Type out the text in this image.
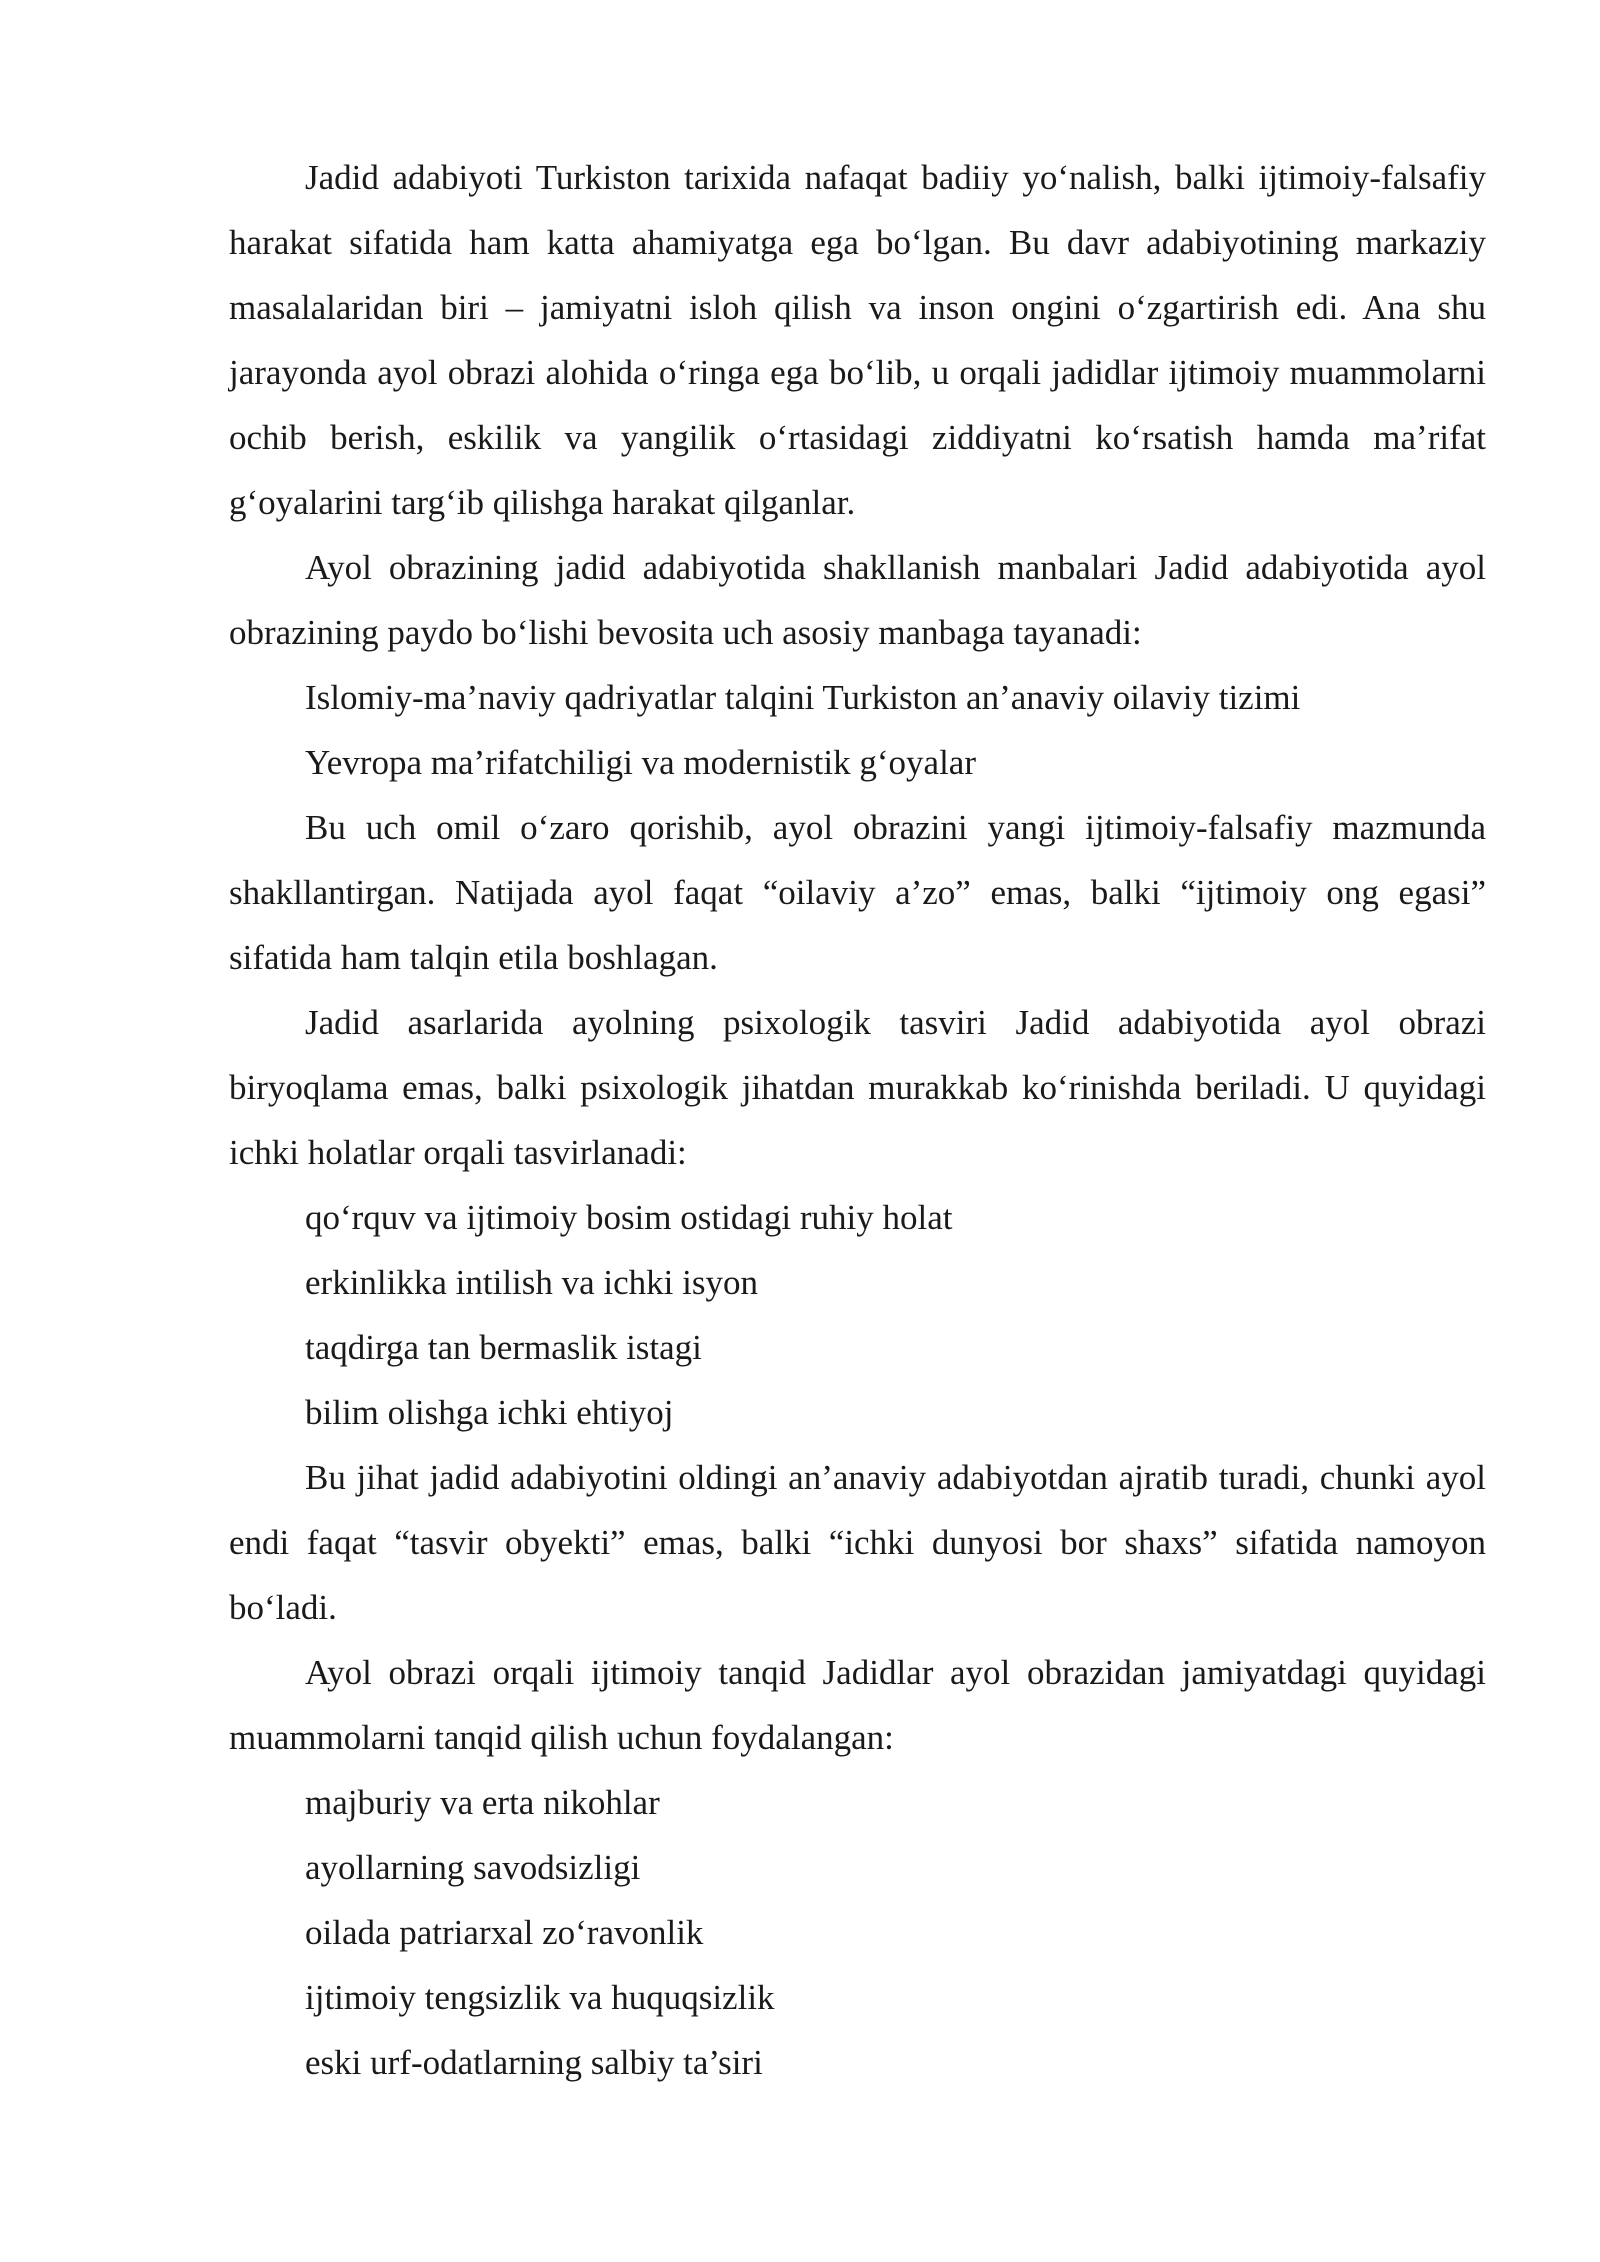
Jadid adabiyoti Turkiston tarixida nafaqat badiiy yo‘nalish, balki ijtimoiy-falsafiy harakat sifatida ham katta ahamiyatga ega bo‘lgan. Bu davr adabiyotining markaziy masalalaridan biri – jamiyatni isloh qilish va inson ongini o‘zgartirish edi. Ana shu jarayonda ayol obrazi alohida o‘ringa ega bo‘lib, u orqali jadidlar ijtimoiy muammolarni ochib berish, eskilik va yangilik o‘rtasidagi ziddiyatni ko‘rsatish hamda ma’rifat g‘oyalarini targ‘ib qilishga harakat qilganlar.

Ayol obrazining jadid adabiyotida shakllanish manbalari Jadid adabiyotida ayol obrazining paydo bo‘lishi bevosita uch asosiy manbaga tayanadi:

Islomiy-ma’naviy qadriyatlar talqini Turkiston an’anaviy oilaviy tizimi

Yevropa ma’rifatchiligi va modernistik g‘oyalar

Bu uch omil o‘zaro qorishib, ayol obrazini yangi ijtimoiy-falsafiy mazmunda shakllantirgan. Natijada ayol faqat “oilaviy a’zo” emas, balki “ijtimoiy ong egasi” sifatida ham talqin etila boshlagan.

Jadid asarlarida ayolning psixologik tasviri Jadid adabiyotida ayol obrazi biryoqlama emas, balki psixologik jihatdan murakkab ko‘rinishda beriladi. U quyidagi ichki holatlar orqali tasvirlanadi:

qo‘rquv va ijtimoiy bosim ostidagi ruhiy holat

erkinlikka intilish va ichki isyon

taqdirga tan bermaslik istagi

bilim olishga ichki ehtiyoj

Bu jihat jadid adabiyotini oldingi an’anaviy adabiyotdan ajratib turadi, chunki ayol endi faqat “tasvir obyekti” emas, balki “ichki dunyosi bor shaxs” sifatida namoyon bo‘ladi.

Ayol obrazi orqali ijtimoiy tanqid Jadidlar ayol obrazidan jamiyatdagi quyidagi muammolarni tanqid qilish uchun foydalangan:

majburiy va erta nikohlar

ayollarning savodsizligi

oilada patriarxal zo‘ravonlik

ijtimoiy tengsizlik va huquqsizlik

eski urf-odatlarning salbiy ta’siri
